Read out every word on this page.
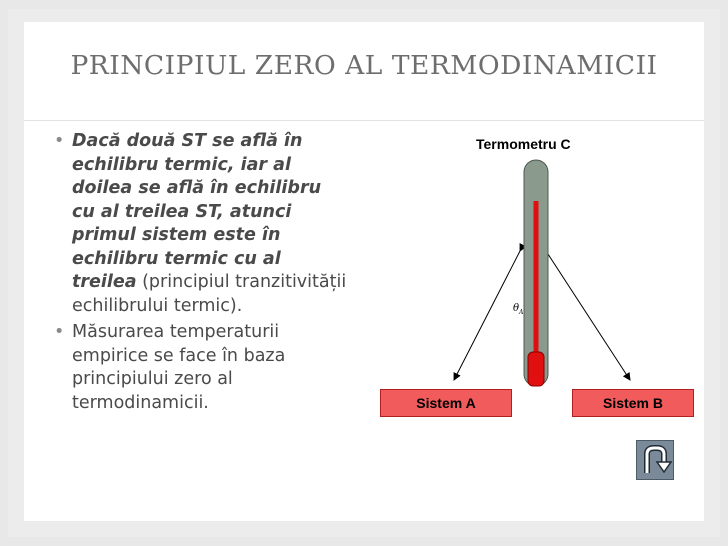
PRINCIPIUL ZERO AL TERMODINAMICII
• Dacă două ST se află în echilibru termic, iar al doilea se află în echilibru cu al treilea ST, atunci primul sistem este în echilibru termic cu al treilea (principiul tranzitivității echilibrului termic).
• Măsurarea temperaturii empirice se face în baza principiului zero al termodinamicii.
$\theta_A$
Termometru C
Sistem A	Sistem B
